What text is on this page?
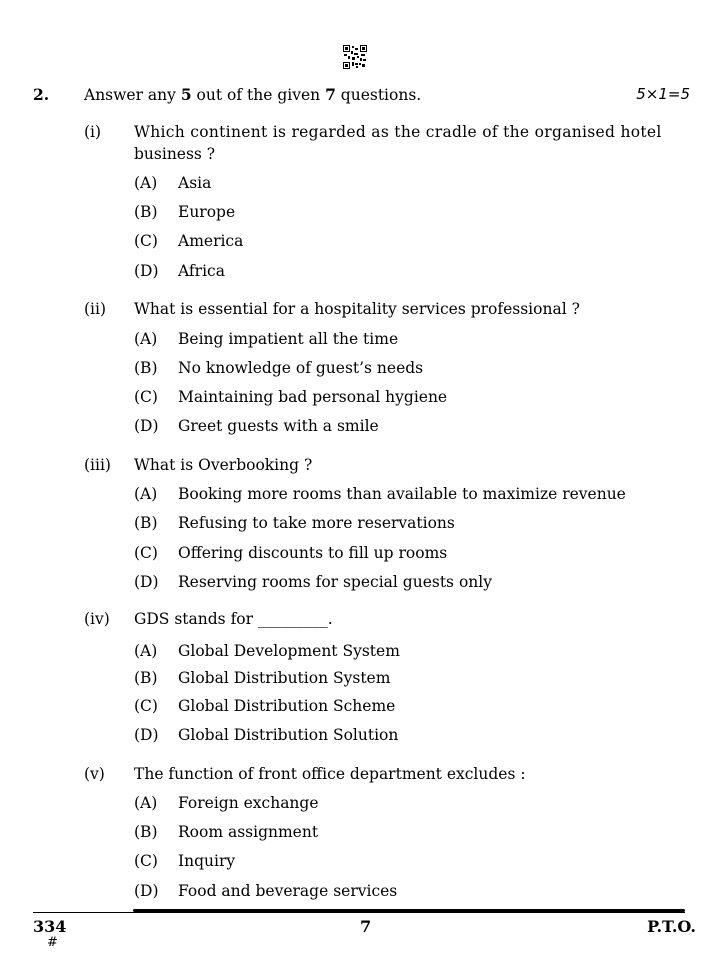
2. Answer any 5 out of the given 7 questions.	5×1=5
(i) Which continent is regarded as the cradle of the organised hotel
business ?
(A) Asia
(B) Europe
(C) America
(D) Africa
(ii) What is essential for a hospitality services professional ?
(A) Being impatient all the time
(B) No knowledge of guest’s needs
(C) Maintaining bad personal hygiene
(D) Greet guests with a smile
(iii) What is Overbooking ?
(A) Booking more rooms than available to maximize revenue
(B) Refusing to take more reservations
(C) Offering discounts to fill up rooms
(D) Reserving rooms for special guests only
(iv) GDS stands for _________.
(A) Global Development System
(B) Global Distribution System
(C) Global Distribution Scheme
(D) Global Distribution Solution
(v) The function of front office department excludes :
(A) Foreign exchange
(B) Room assignment
(C) Inquiry
(D) Food and beverage services
334
#
7	P.T.O.
